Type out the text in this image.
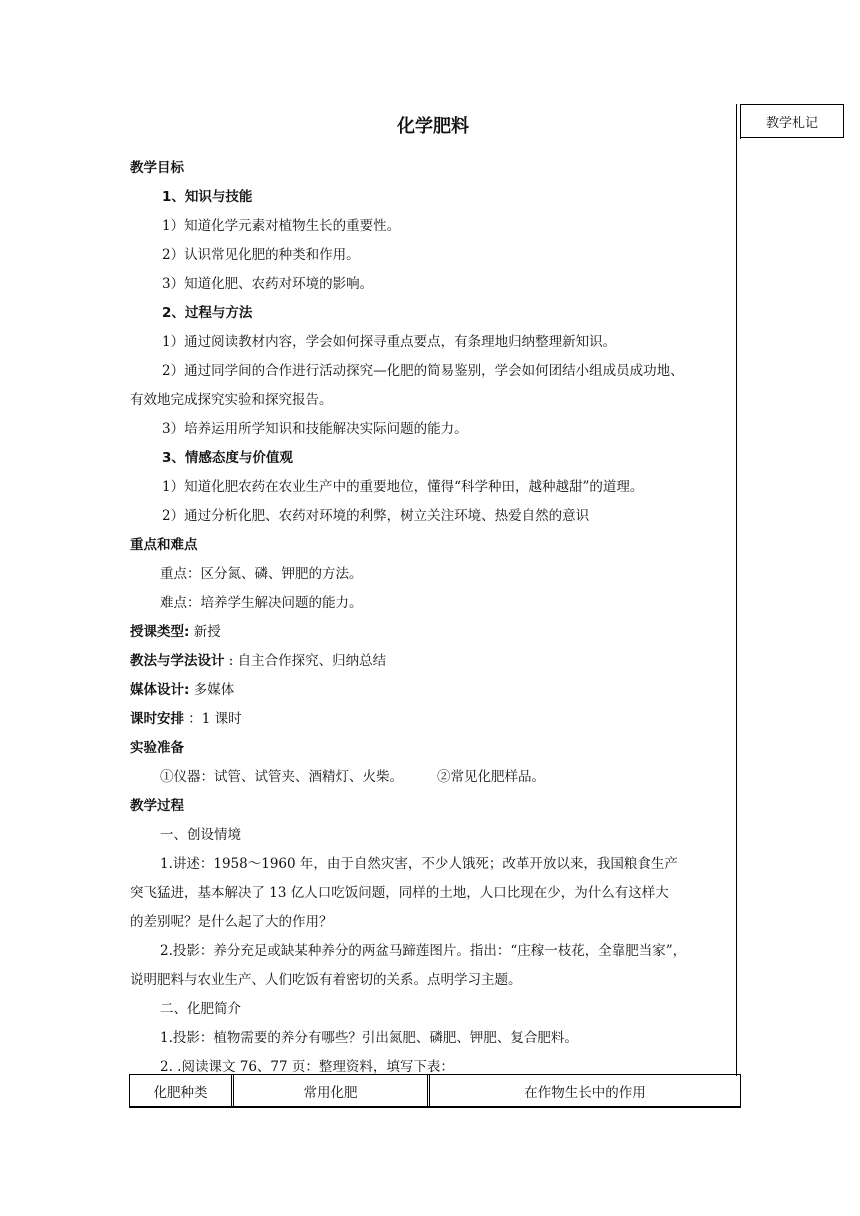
教学札记
化学肥料
教学目标
1、知识与技能
1）知道化学元素对植物生长的重要性。
2）认识常见化肥的种类和作用。
3）知道化肥、农药对环境的影响。
2、过程与方法
1）通过阅读教材内容，学会如何探寻重点要点，有条理地归纳整理新知识。
2）通过同学间的合作进行活动探究—化肥的简易鉴别，学会如何团结小组成员成功地、
有效地完成探究实验和探究报告。
3）培养运用所学知识和技能解决实际问题的能力。
3、情感态度与价值观
1）知道化肥农药在农业生产中的重要地位，懂得“科学种田，越种越甜”的道理。
2）通过分析化肥、农药对环境的利弊，树立关注环境、热爱自然的意识
重点和难点
重点：区分氮、磷、钾肥的方法。
难点：培养学生解决问题的能力。
授课类型: 新授
教法与学法设计 : 自主合作探究、归纳总结
媒体设计: 多媒体
课时安排 ：1 课时
实验准备
①仪器：试管、试管夹、酒精灯、火柴。	②常见化肥样品。
教学过程
一、创设情境
1.讲述：1958～1960 年，由于自然灾害，不少人饿死；改革开放以来，我国粮食生产
突飞猛进，基本解决了 13 亿人口吃饭问题，同样的土地，人口比现在少，为什么有这样大
的差别呢？是什么起了大的作用？
2.投影：养分充足或缺某种养分的两盆马蹄莲图片。指出：“庄稼一枝花，全靠肥当家”，
说明肥料与农业生产、人们吃饭有着密切的关系。点明学习主题。
二、化肥简介
1.投影：植物需要的养分有哪些？引出氮肥、磷肥、钾肥、复合肥料。
2. .阅读课文 76、77 页：整理资料，填写下表：
化肥种类	常用化肥	在作物生长中的作用
